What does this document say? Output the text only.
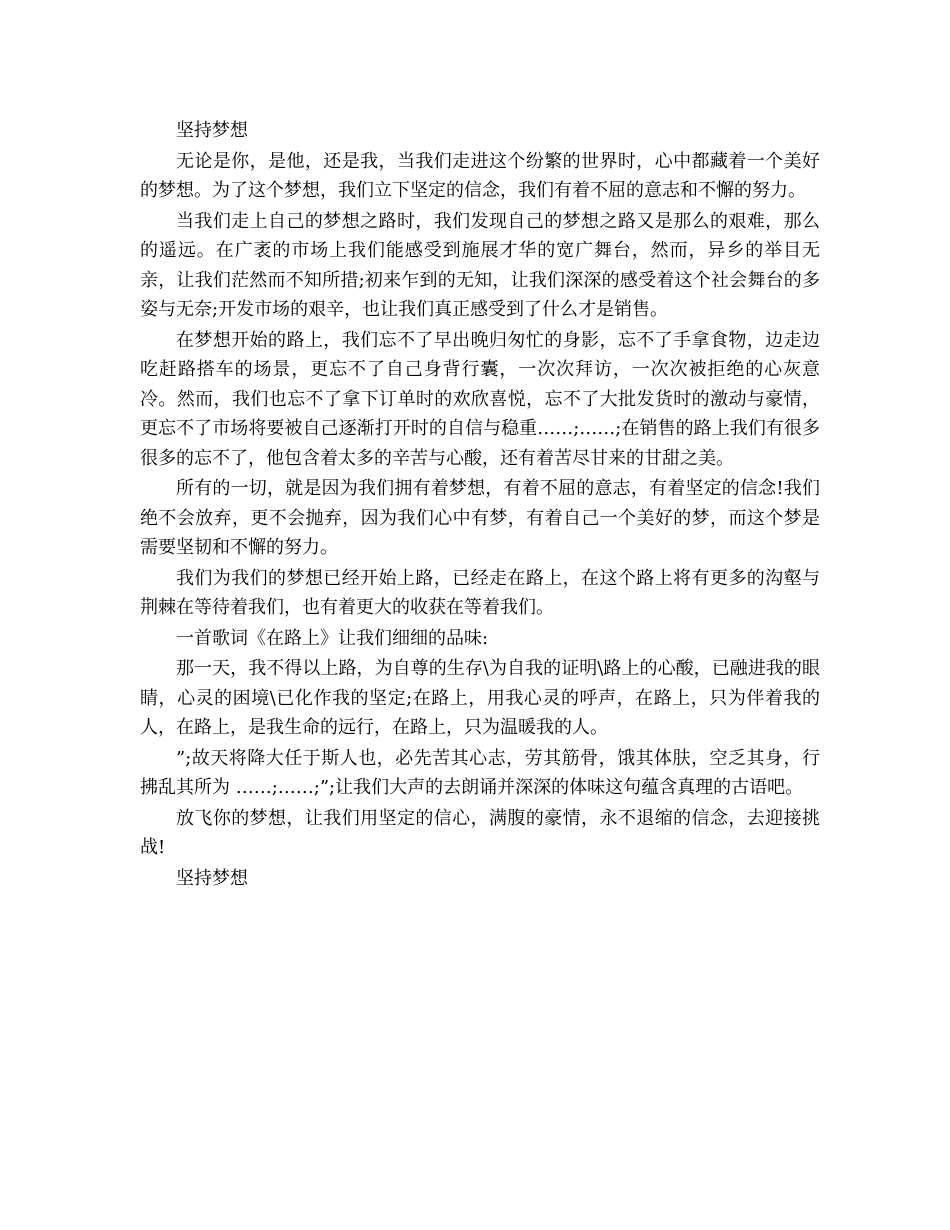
坚持梦想

无论是你，是他，还是我，当我们走进这个纷繁的世界时，心中都藏着一个美好的梦想。为了这个梦想，我们立下坚定的信念，我们有着不屈的意志和不懈的努力。

当我们走上自己的梦想之路时，我们发现自己的梦想之路又是那么的艰难，那么的遥远。在广袤的市场上我们能感受到施展才华的宽广舞台，然而，异乡的举目无亲，让我们茫然而不知所措;初来乍到的无知，让我们深深的感受着这个社会舞台的多姿与无奈;开发市场的艰辛，也让我们真正感受到了什么才是销售。

在梦想开始的路上，我们忘不了早出晚归匆忙的身影，忘不了手拿食物，边走边吃赶路搭车的场景，更忘不了自己身背行囊，一次次拜访，一次次被拒绝的心灰意冷。然而，我们也忘不了拿下订单时的欢欣喜悦，忘不了大批发货时的激动与豪情，更忘不了市场将要被自己逐渐打开时的自信与稳重……;……;在销售的路上我们有很多很多的忘不了，他包含着太多的辛苦与心酸，还有着苦尽甘来的甘甜之美。

所有的一切，就是因为我们拥有着梦想，有着不屈的意志，有着坚定的信念!我们绝不会放弃，更不会抛弃，因为我们心中有梦，有着自己一个美好的梦，而这个梦是需要坚韧和不懈的努力。

我们为我们的梦想已经开始上路，已经走在路上，在这个路上将有更多的沟壑与荆棘在等待着我们，也有着更大的收获在等着我们。

一首歌词《在路上》让我们细细的品味:

那一天，我不得以上路，为自尊的生存\为自我的证明\路上的心酸，已融进我的眼睛，心灵的困境\已化作我的坚定;在路上，用我心灵的呼声，在路上，只为伴着我的人，在路上，是我生命的远行，在路上，只为温暖我的人。

”;故天将降大任于斯人也，必先苦其心志，劳其筋骨，饿其体肤，空乏其身，行拂乱其所为 ……;……;”;让我们大声的去朗诵并深深的体味这句蕴含真理的古语吧。

放飞你的梦想，让我们用坚定的信心，满腹的豪情，永不退缩的信念，去迎接挑战!

坚持梦想
